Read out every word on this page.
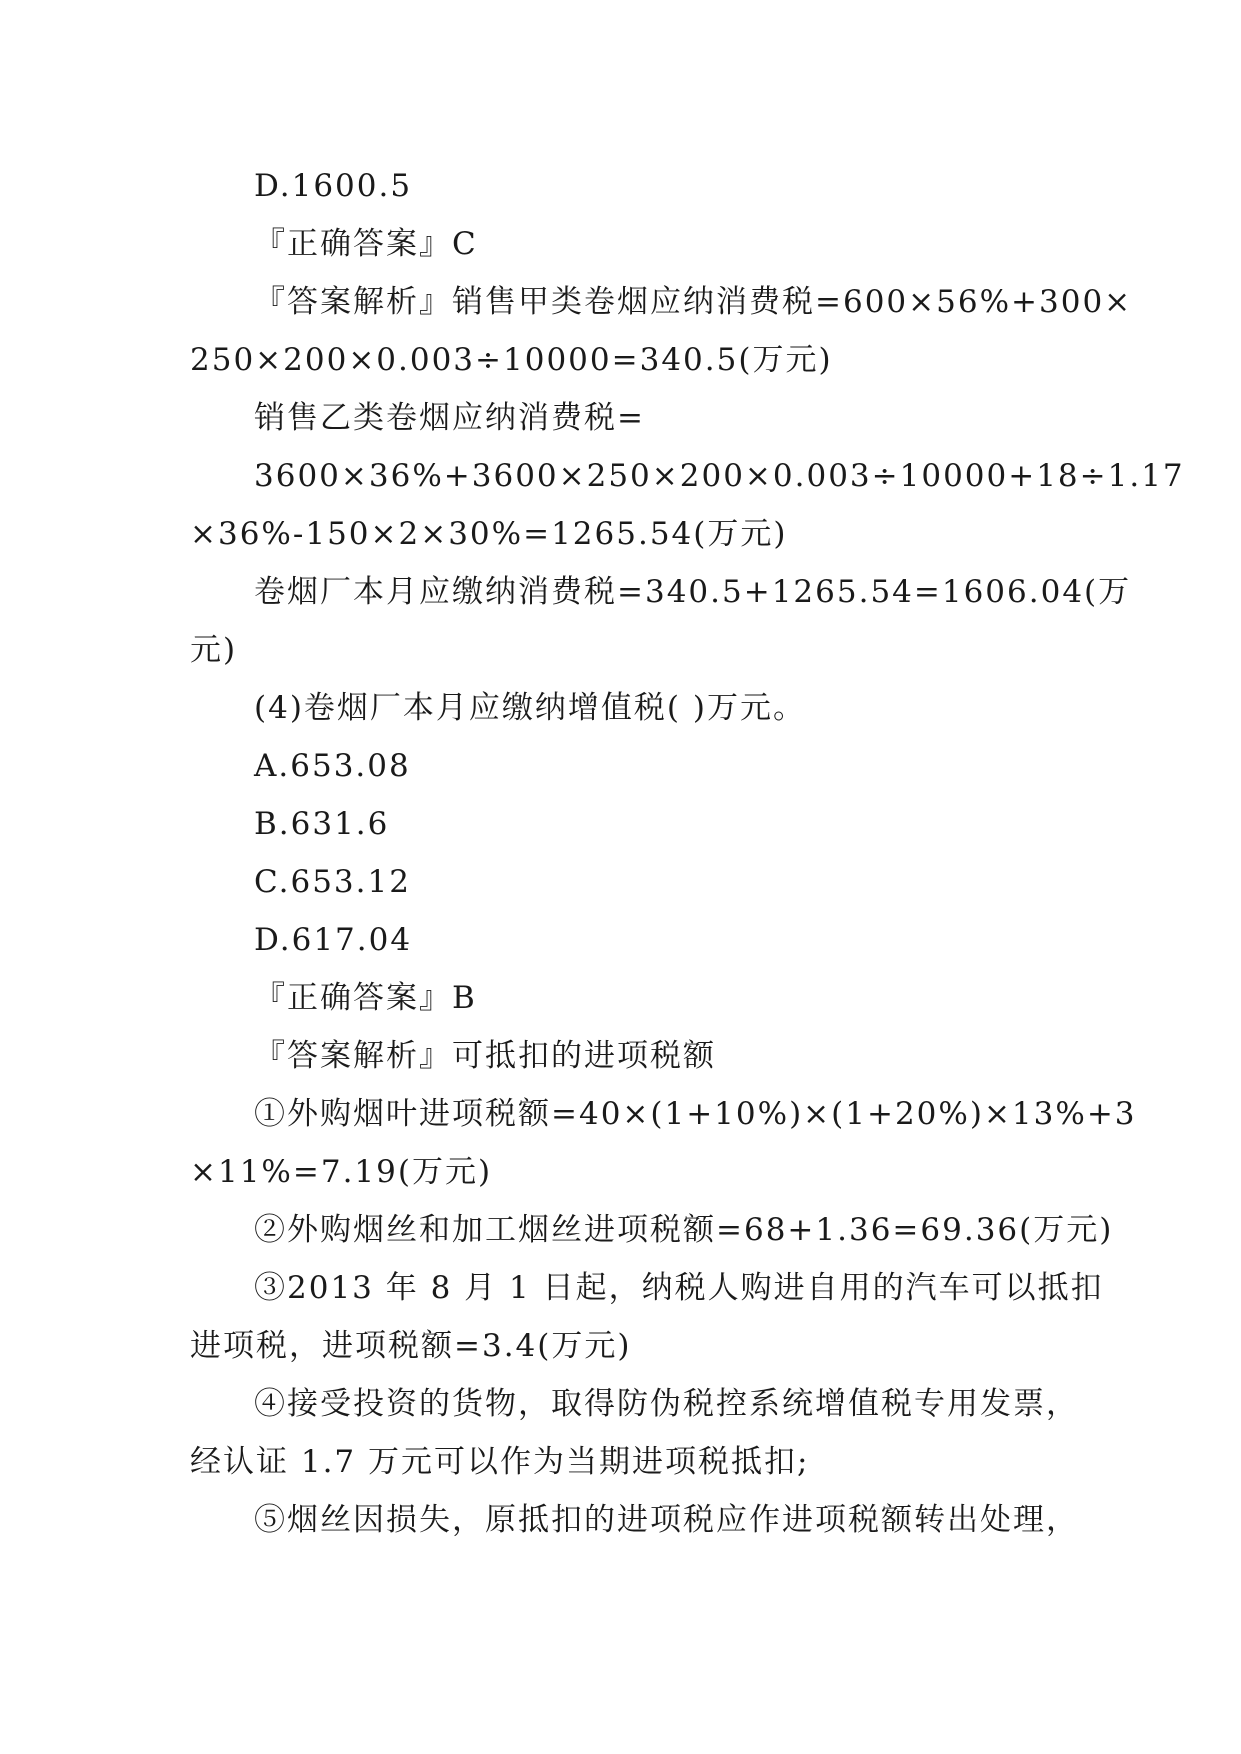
D.1600.5
『正确答案』C
『答案解析』销售甲类卷烟应纳消费税=600×56%+300×
250×200×0.003÷10000=340.5(万元)
销售乙类卷烟应纳消费税=
3600×36%+3600×250×200×0.003÷10000+18÷1.17
×36%-150×2×30%=1265.54(万元)
卷烟厂本月应缴纳消费税=340.5+1265.54=1606.04(万
元)
(4)卷烟厂本月应缴纳增值税( )万元。
A.653.08
B.631.6
C.653.12
D.617.04
『正确答案』B
『答案解析』可抵扣的进项税额
①外购烟叶进项税额=40×(1+10%)×(1+20%)×13%+3
×11%=7.19(万元)
②外购烟丝和加工烟丝进项税额=68+1.36=69.36(万元)
③2013 年 8 月 1 日起，纳税人购进自用的汽车可以抵扣
进项税，进项税额=3.4(万元)
④接受投资的货物，取得防伪税控系统增值税专用发票，
经认证 1.7 万元可以作为当期进项税抵扣;
⑤烟丝因损失，原抵扣的进项税应作进项税额转出处理，
